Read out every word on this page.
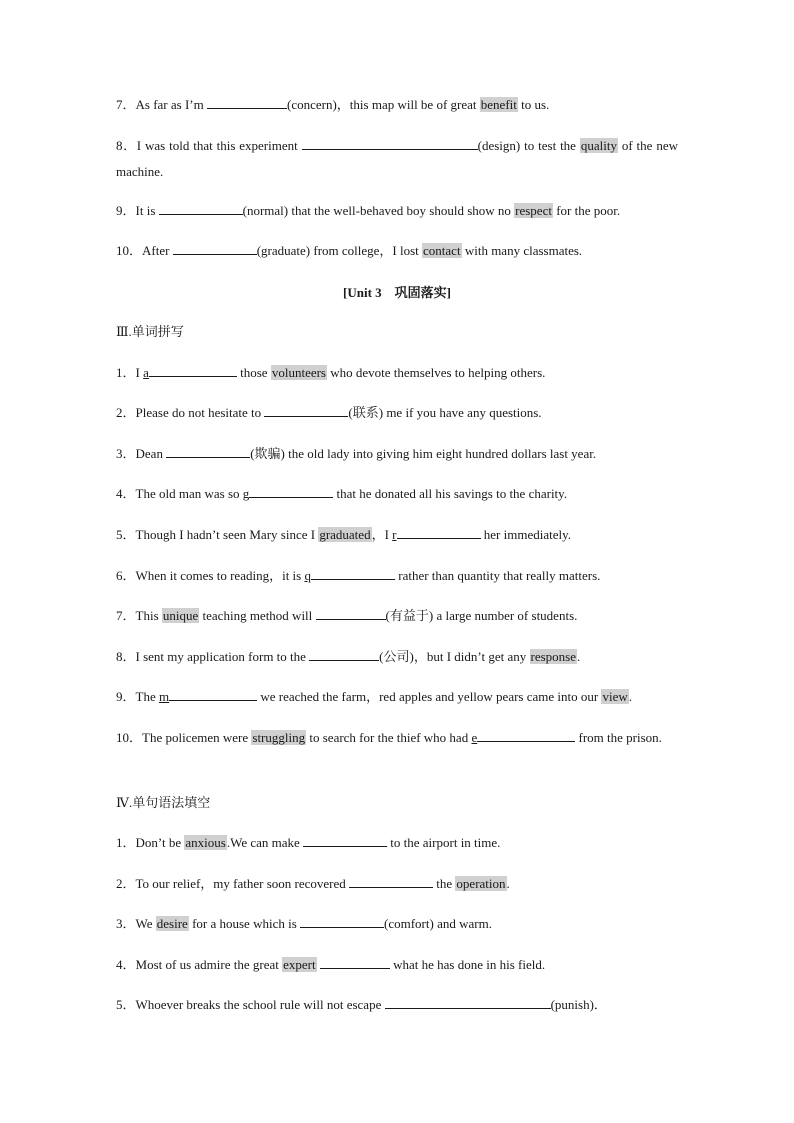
7．As far as I’m	(concern)，this map will be of great benefit to us.
8．I was told that this experiment	(design) to test the quality of the new machine.
9．It is	(normal) that the well-behaved boy should show no respect for the poor.
10．After	(graduate) from college，I lost contact with many classmates.
[Unit 3　巩固落实]
Ⅲ.单词拼写
1．I a	those volunteers who devote themselves to helping others.
2．Please do not hesitate to	(联系) me if you have any questions.
3．Dean	(欺骗) the old lady into giving him eight hundred dollars last year.
4．The old man was so g	that he donated all his savings to the charity.
5．Though I hadn’t seen Mary since I graduated，I r	her immediately.
6．When it comes to reading，it is q	rather than quantity that really matters.
7．This unique teaching method will	(有益于) a large number of students.
8．I sent my application form to the	(公司)，but I didn’t get any response.
9．The m	we reached the farm，red apples and yellow pears came into our view.
10．The policemen were struggling to search for the thief who had e	from the prison.
Ⅳ.单句语法填空
1．Don’t be anxious.We can make	to the airport in time.
2．To our relief，my father soon recovered	the operation.
3．We desire for a house which is	(comfort) and warm.
4．Most of us admire the great expert	what he has done in his field.
5．Whoever breaks the school rule will not escape	(punish)．
